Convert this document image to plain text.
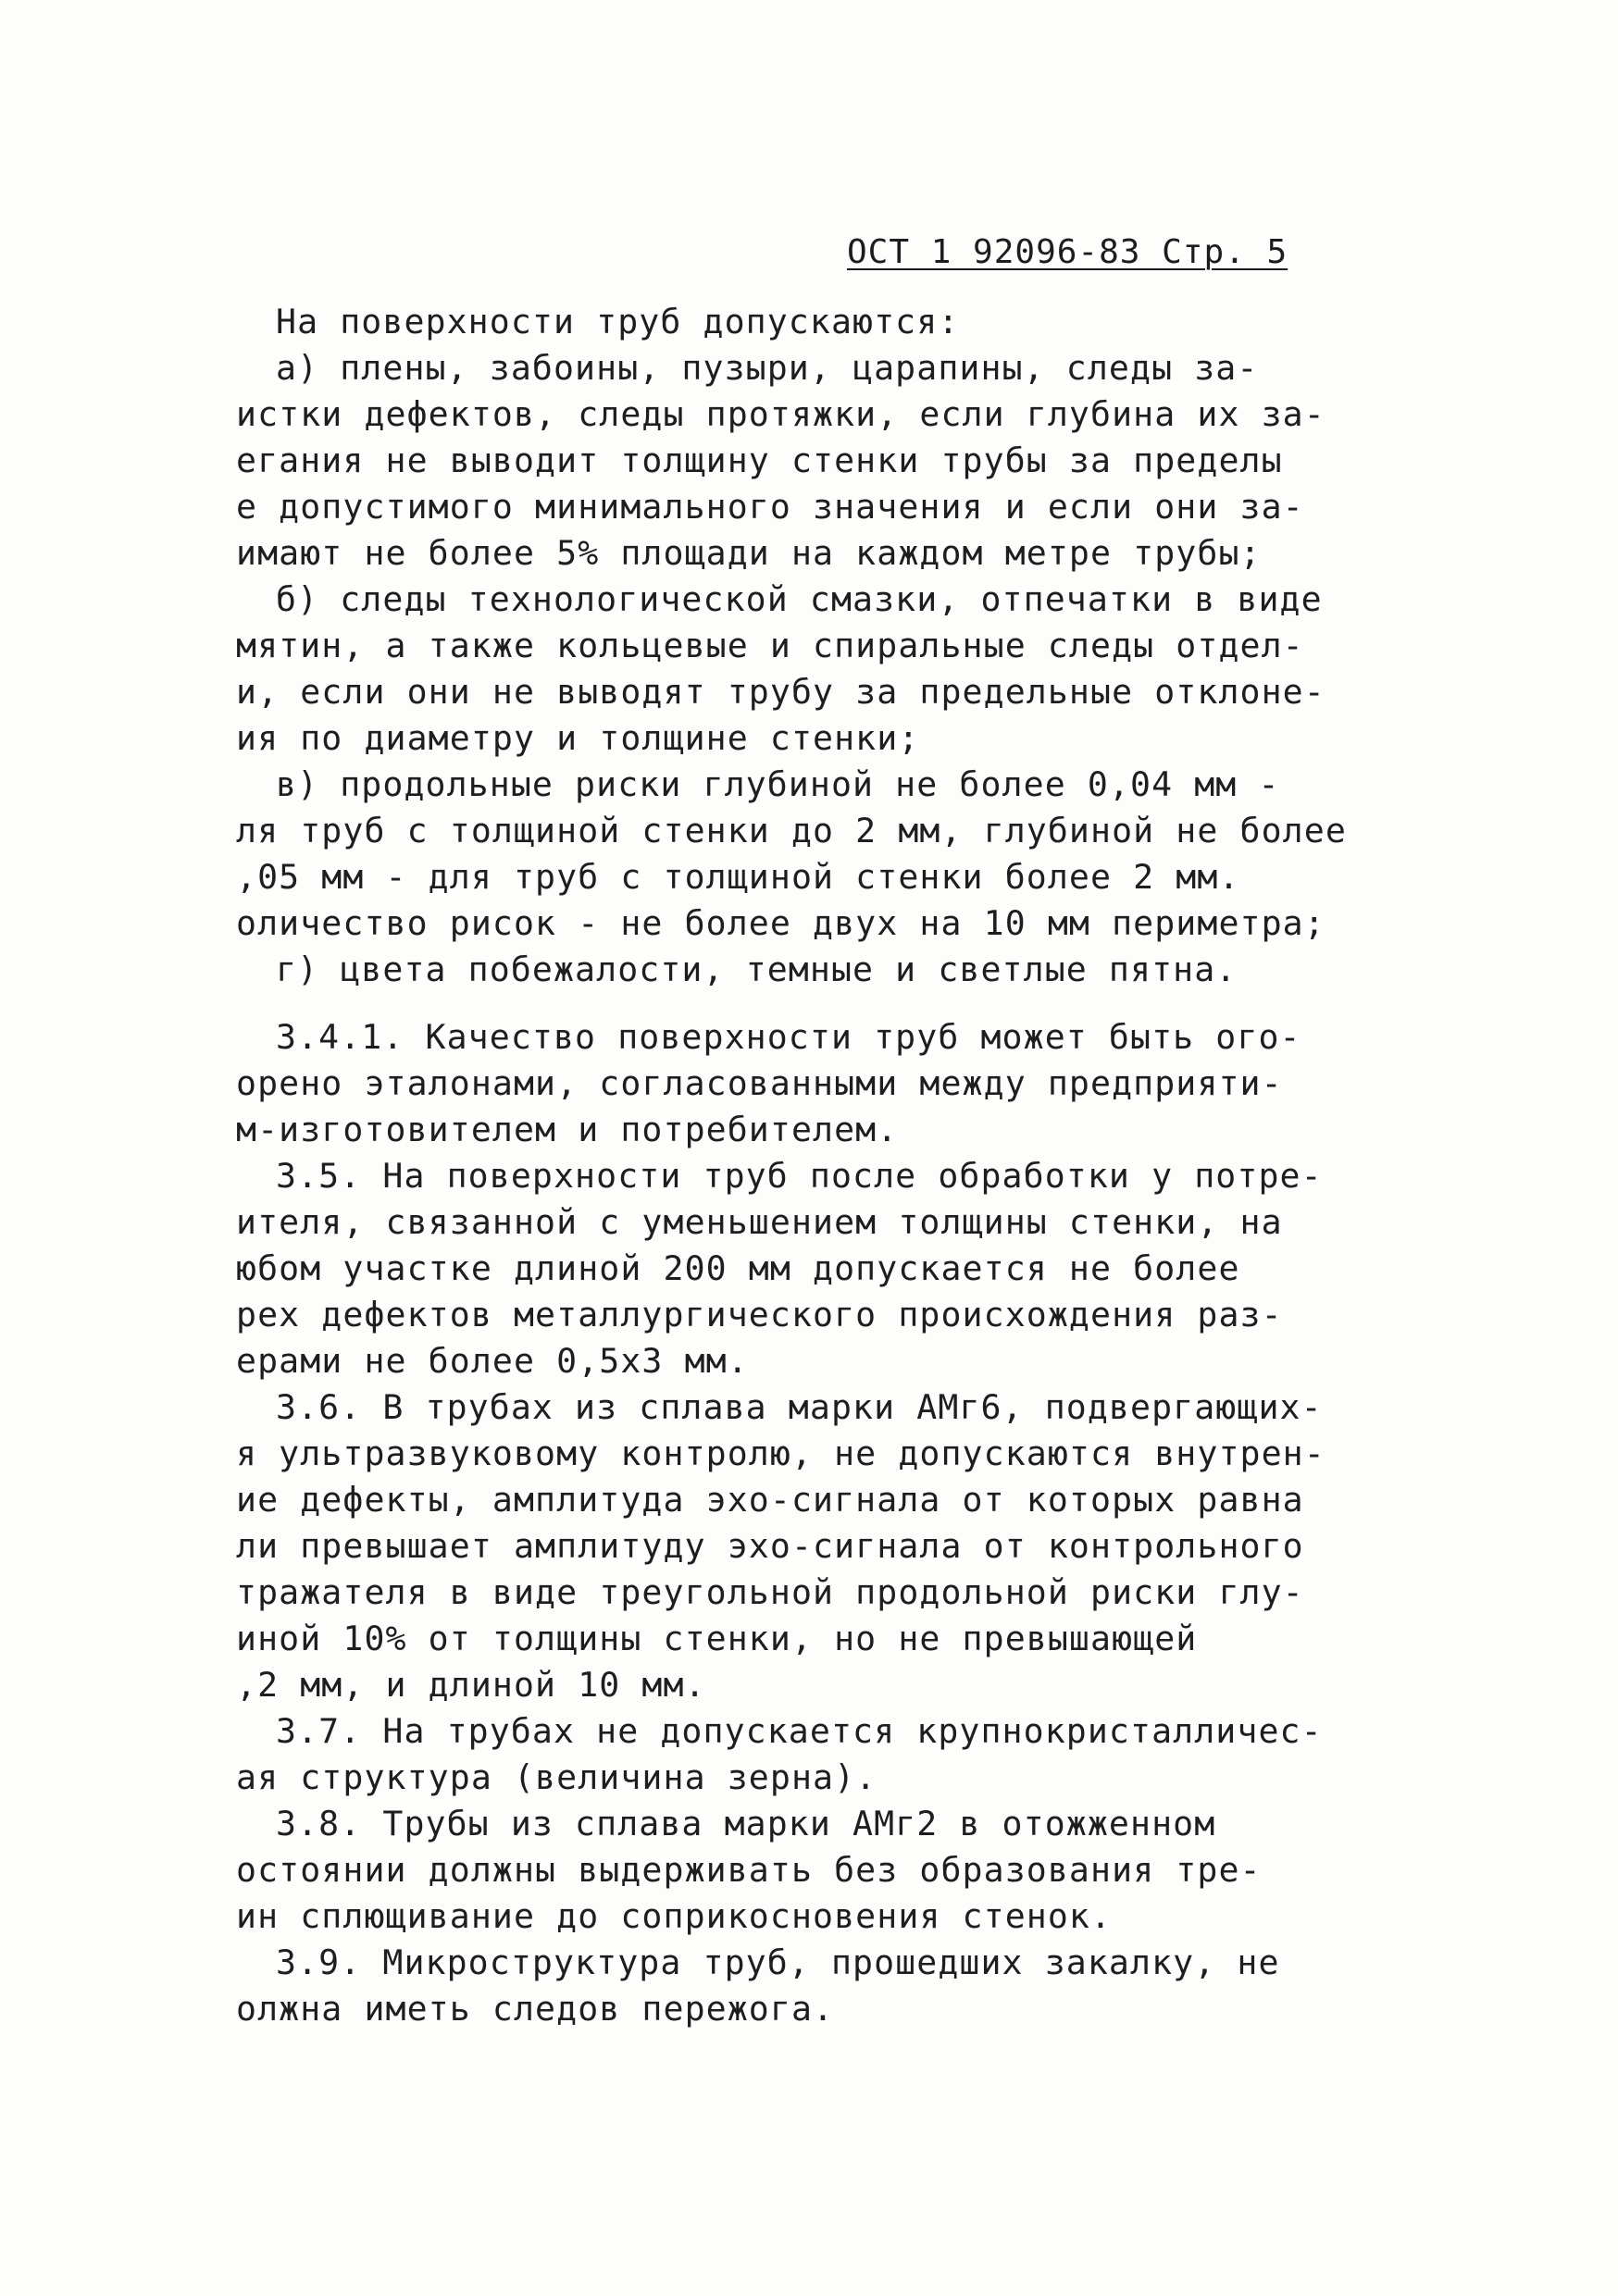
ОСТ 1 92096-83 Стр. 5
На поверхности труб допускаются:
а) плены, забоины, пузыри, царапины, следы за-
истки дефектов, следы протяжки, если глубина их за-
егания не выводит толщину стенки трубы за пределы
е допустимого минимального значения и если они за-
имают не более 5% площади на каждом метре трубы;
б) следы технологической смазки, отпечатки в виде
мятин, а также кольцевые и спиральные следы отдел-
и, если они не выводят трубу за предельные отклоне-
ия по диаметру и толщине стенки;
в) продольные риски глубиной не более 0,04 мм -
ля труб с толщиной стенки до 2 мм, глубиной не более
,05 мм - для труб с толщиной стенки более 2 мм.
оличество рисок - не более двух на 10 мм периметра;
г) цвета побежалости, темные и светлые пятна.
3.4.1. Качество поверхности труб может быть ого-
орено эталонами, согласованными между предприяти-
м-изготовителем и потребителем.
3.5. На поверхности труб после обработки у потре-
ителя, связанной с уменьшением толщины стенки, на
юбом участке длиной 200 мм допускается не более
рех дефектов металлургического происхождения раз-
ерами не более 0,5х3 мм.
3.6. В трубах из сплава марки АМг6, подвергающих-
я ультразвуковому контролю, не допускаются внутрен-
ие дефекты, амплитуда эхо-сигнала от которых равна
ли превышает амплитуду эхо-сигнала от контрольного
тражателя в виде треугольной продольной риски глу-
иной 10% от толщины стенки, но не превышающей
,2 мм, и длиной 10 мм.
3.7. На трубах не допускается крупнокристалличес-
ая структура (величина зерна).
3.8. Трубы из сплава марки АМг2 в отожженном
остоянии должны выдерживать без образования тре-
ин сплющивание до соприкосновения стенок.
3.9. Микроструктура труб, прошедших закалку, не
олжна иметь следов пережога.
